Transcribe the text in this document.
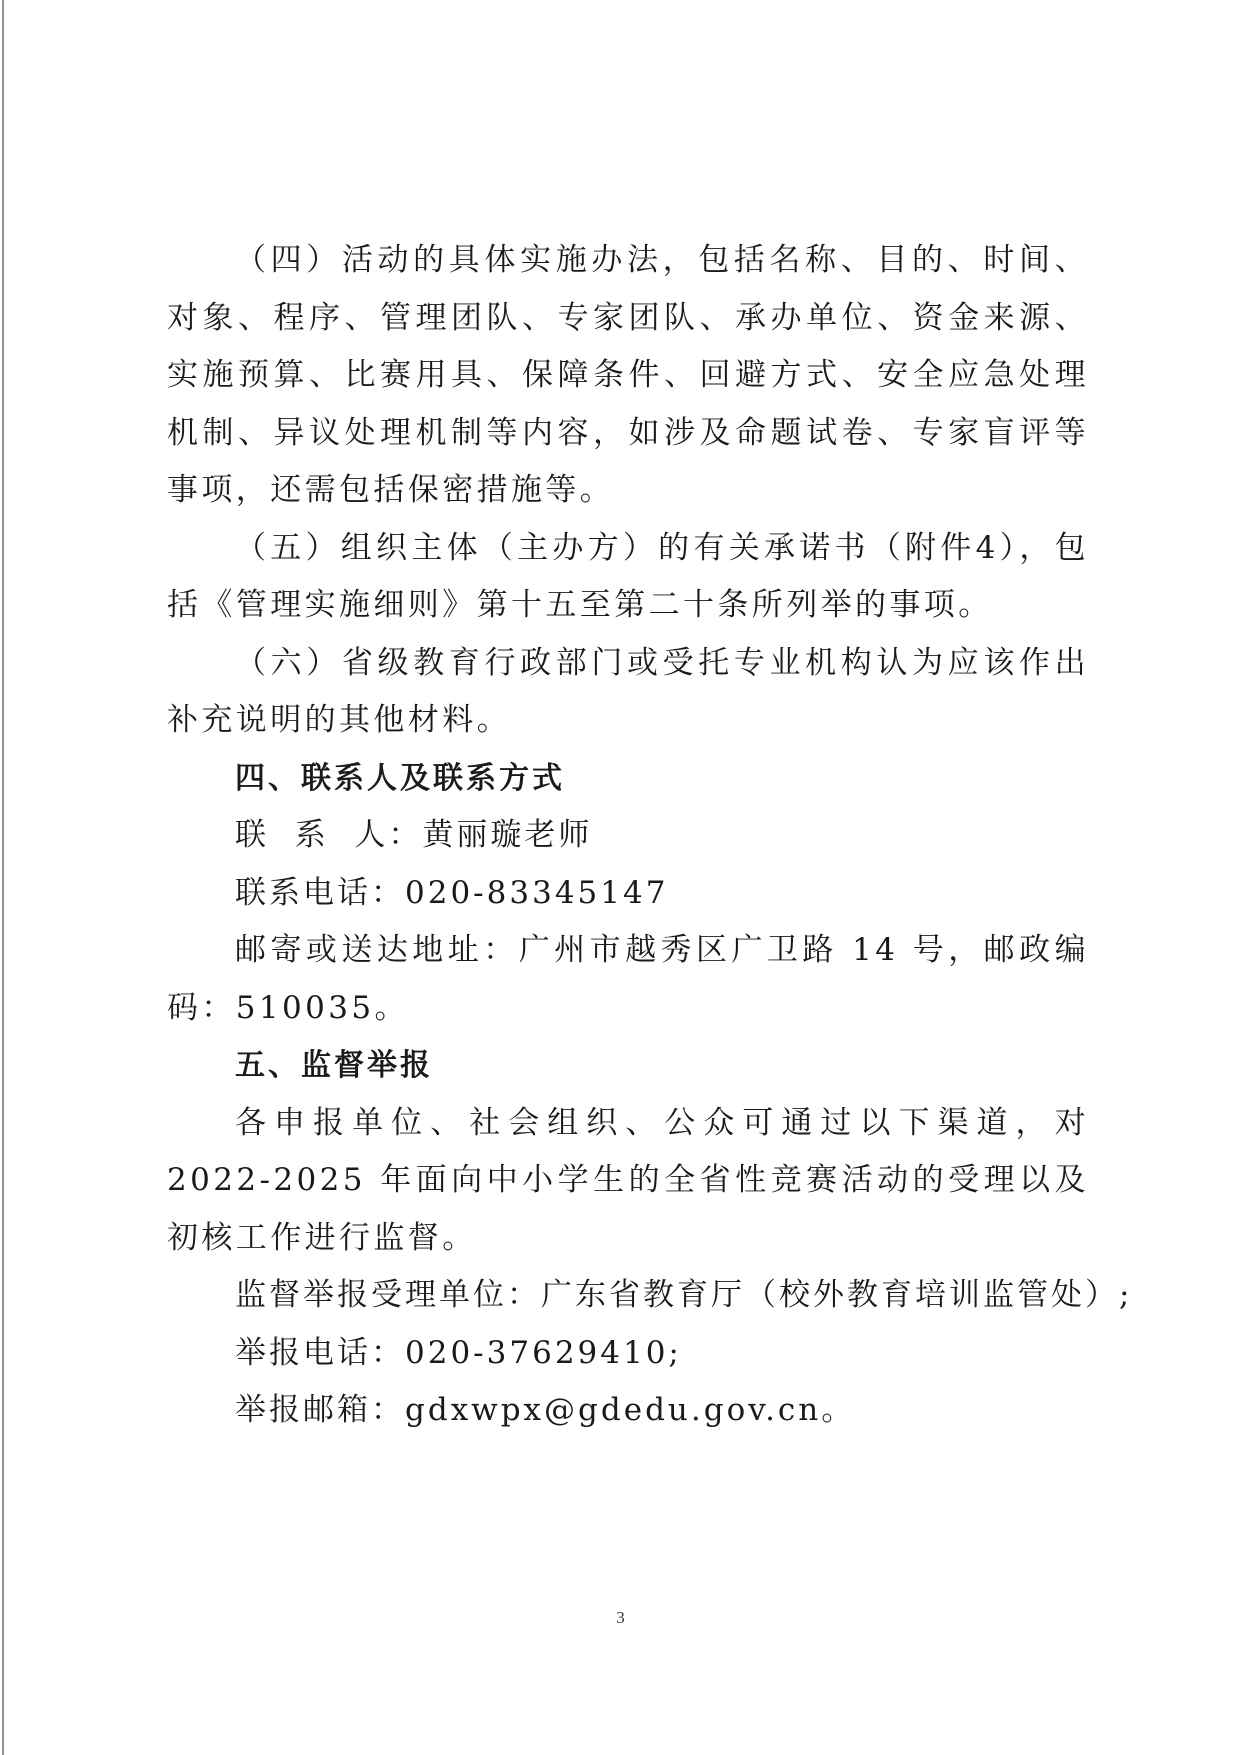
（四）活动的具体实施办法，包括名称、目的、时间、对象、程序、管理团队、专家团队、承办单位、资金来源、实施预算、比赛用具、保障条件、回避方式、安全应急处理机制、异议处理机制等内容，如涉及命题试卷、专家盲评等事项，还需包括保密措施等。

（五）组织主体（主办方）的有关承诺书（附件4），包括《管理实施细则》第十五至第二十条所列举的事项。

（六）省级教育行政部门或受托专业机构认为应该作出补充说明的其他材料。

四、联系人及联系方式

联  系  人：黄丽璇老师

联系电话：020-83345147

邮寄或送达地址：广州市越秀区广卫路 14 号，邮政编码：510035。

五、监督举报

各申报单位、社会组织、公众可通过以下渠道，对 2022-2025 年面向中小学生的全省性竞赛活动的受理以及初核工作进行监督。

监督举报受理单位：广东省教育厅（校外教育培训监管处）;

举报电话：020-37629410;

举报邮箱：gdxwpx@gdedu.gov.cn。

3
